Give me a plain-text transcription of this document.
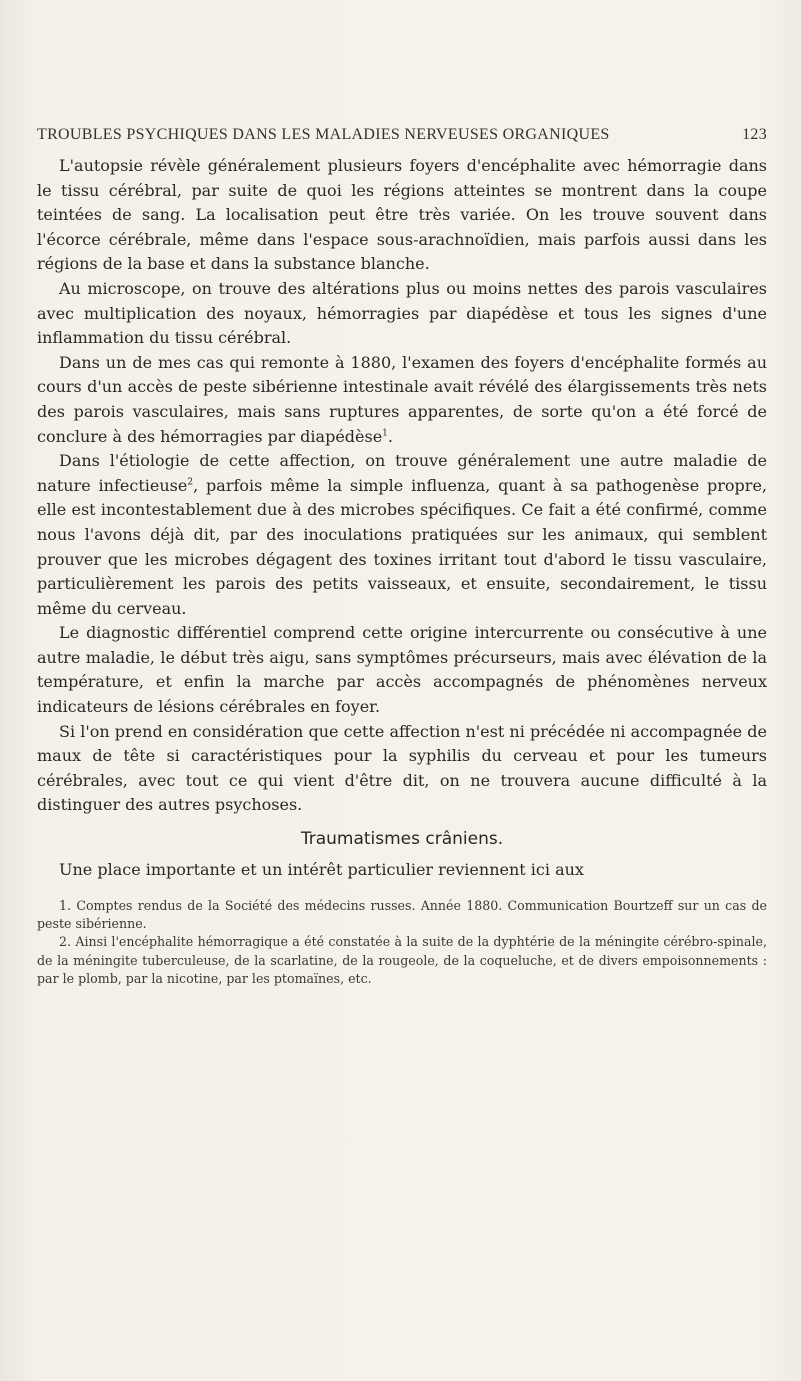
TROUBLES PSYCHIQUES DANS LES MALADIES NERVEUSES ORGANIQUES	123

L'autopsie révèle généralement plusieurs foyers d'encéphalite avec hémorragie dans le tissu cérébral, par suite de quoi les régions atteintes se montrent dans la coupe teintées de sang. La localisation peut être très variée. On les trouve souvent dans l'écorce cérébrale, même dans l'espace sous-arachnoïdien, mais parfois aussi dans les régions de la base et dans la substance blanche.

Au microscope, on trouve des altérations plus ou moins nettes des parois vasculaires avec multiplication des noyaux, hémorragies par diapédèse et tous les signes d'une inflammation du tissu cérébral.

Dans un de mes cas qui remonte à 1880, l'examen des foyers d'encéphalite formés au cours d'un accès de peste sibérienne intestinale avait révélé des élargissements très nets des parois vasculaires, mais sans ruptures apparentes, de sorte qu'on a été forcé de conclure à des hémorragies par diapédèse$^1$.

Dans l'étiologie de cette affection, on trouve généralement une autre maladie de nature infectieuse$^2$, parfois même la simple influenza, quant à sa pathogenèse propre, elle est incontestablement due à des microbes spécifiques. Ce fait a été confirmé, comme nous l'avons déjà dit, par des inoculations pratiquées sur les animaux, qui semblent prouver que les microbes dégagent des toxines irritant tout d'abord le tissu vasculaire, particulièrement les parois des petits vaisseaux, et ensuite, secondairement, le tissu même du cerveau.

Le diagnostic différentiel comprend cette origine intercurrente ou consécutive à une autre maladie, le début très aigu, sans symptômes précurseurs, mais avec élévation de la température, et enfin la marche par accès accompagnés de phénomènes nerveux indicateurs de lésions cérébrales en foyer.

Si l'on prend en considération que cette affection n'est ni précédée ni accompagnée de maux de tête si caractéristiques pour la syphilis du cerveau et pour les tumeurs cérébrales, avec tout ce qui vient d'être dit, on ne trouvera aucune difficulté à la distinguer des autres psychoses.

Traumatismes crâniens.

Une place importante et un intérêt particulier reviennent ici aux

1. Comptes rendus de la Société des médecins russes. Année 1880. Communication Bourtzeff sur un cas de peste sibérienne.

2. Ainsi l'encéphalite hémorragique a été constatée à la suite de la dyphtérie de la méningite cérébro-spinale, de la méningite tuberculeuse, de la scarlatine, de la rougeole, de la coqueluche, et de divers empoisonnements : par le plomb, par la nicotine, par les ptomaïnes, etc.
